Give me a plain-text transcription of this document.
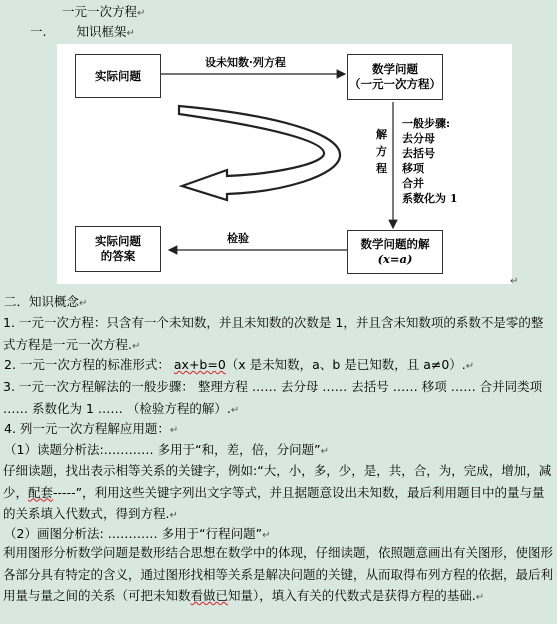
一元一次方程↵
一. 知识框架↵
实际问题	数学问题
（一元一次方程）
实际问题
的答案
数学问题的解
(x=a)
设未知数·列方程
检验
解方程
一般步骤:
去分母
去括号
移项
合并
系数化为 1
↵
二．知识概念↵
1. 一元一次方程：只含有一个未知数，并且未知数的次数是 1，并且含未知数项的系数不是零的整式方程是一元一次方程.↵
2. 一元一次方程的标准形式： ax+b=0（x 是未知数，a、b 是已知数，且 a≠0）.↵
3. 一元一次方程解法的一般步骤： 整理方程 …… 去分母 …… 去括号 …… 移项 …… 合并同类项 …… 系数化为 1 …… （检验方程的解）.↵
4. 列一元一次方程解应用题：↵
（1）读题分析法:………… 多用于“和，差，倍，分问题”↵
仔细读题，找出表示相等关系的关键字，例如:“大，小，多，少，是，共，合，为，完成，增加，减少，配套-----”，利用这些关键字列出文字等式，并且据题意设出未知数，最后利用题目中的量与量的关系填入代数式，得到方程.↵
（2）画图分析法: ………… 多用于“行程问题”↵
利用图形分析数学问题是数形结合思想在数学中的体现，仔细读题，依照题意画出有关图形，使图形各部分具有特定的含义，通过图形找相等关系是解决问题的关键，从而取得布列方程的依据，最后利用量与量之间的关系（可把未知数看做已知量），填入有关的代数式是获得方程的基础.↵
